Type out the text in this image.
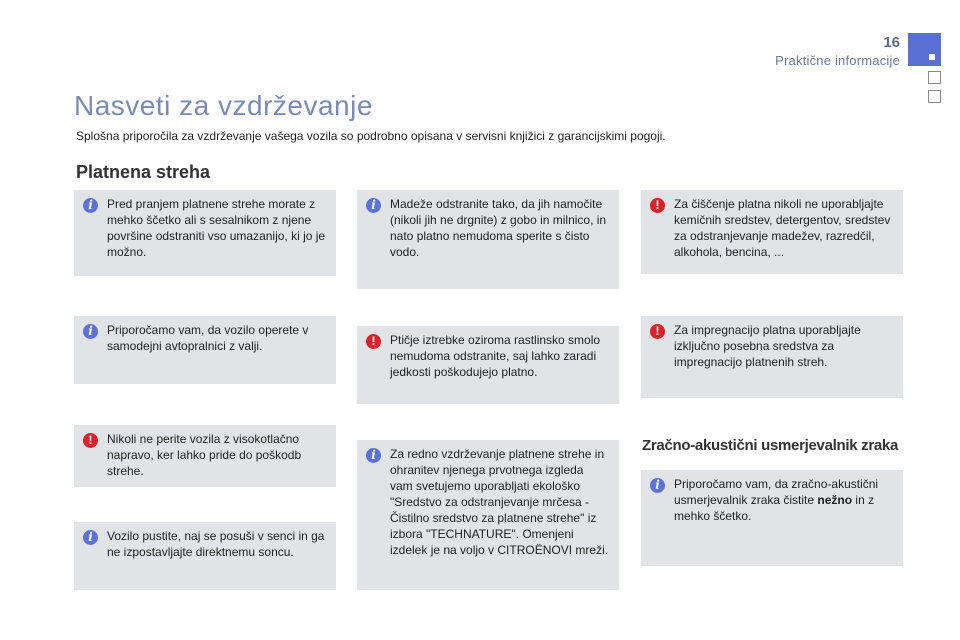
16
Praktične informacije
Nasveti za vzdrževanje

Splošna priporočila za vzdrževanje vašega vozila so podrobno opisana v servisni knjižici z garancijskimi pogoji.

Platnena streha
Zračno-akustični usmerjevalnik zraka
i	Pred pranjem platnene strehe morate z mehko ščetko ali s sesalnikom z njene površine odstraniti vso umazanijo, ki jo je možno.
i	Priporočamo vam, da vozilo operete v samodejni avtopralnici z valji.
!	Nikoli ne perite vozila z visokotlačno napravo, ker lahko pride do poškodb strehe.
i	Vozilo pustite, naj se posuši v senci in ga ne izpostavljajte direktnemu soncu.
i	Madeže odstranite tako, da jih namočite (nikoli jih ne drgnite) z gobo in milnico, in nato platno nemudoma sperite s čisto vodo.
!	Ptičje iztrebke oziroma rastlinsko smolo nemudoma odstranite, saj lahko zaradi jedkosti poškodujejo platno.
i	Za redno vzdrževanje platnene strehe in ohranitev njenega prvotnega izgleda vam svetujemo uporabljati ekološko "Sredstvo za odstranjevanje mrčesa - Čistilno sredstvo za platnene strehe" iz izbora "TECHNATURE". Omenjeni izdelek je na voljo v CITROËNOVI mreži.
!	Za čiščenje platna nikoli ne uporabljajte kemičnih sredstev, detergentov, sredstev za odstranjevanje madežev, razredčil, alkohola, bencina, ...
!	Za impregnacijo platna uporabljajte izključno posebna sredstva za impregnacijo platnenih streh.
i	Priporočamo vam, da zračno-akustični usmerjevalnik zraka čistite nežno in z mehko ščetko.
